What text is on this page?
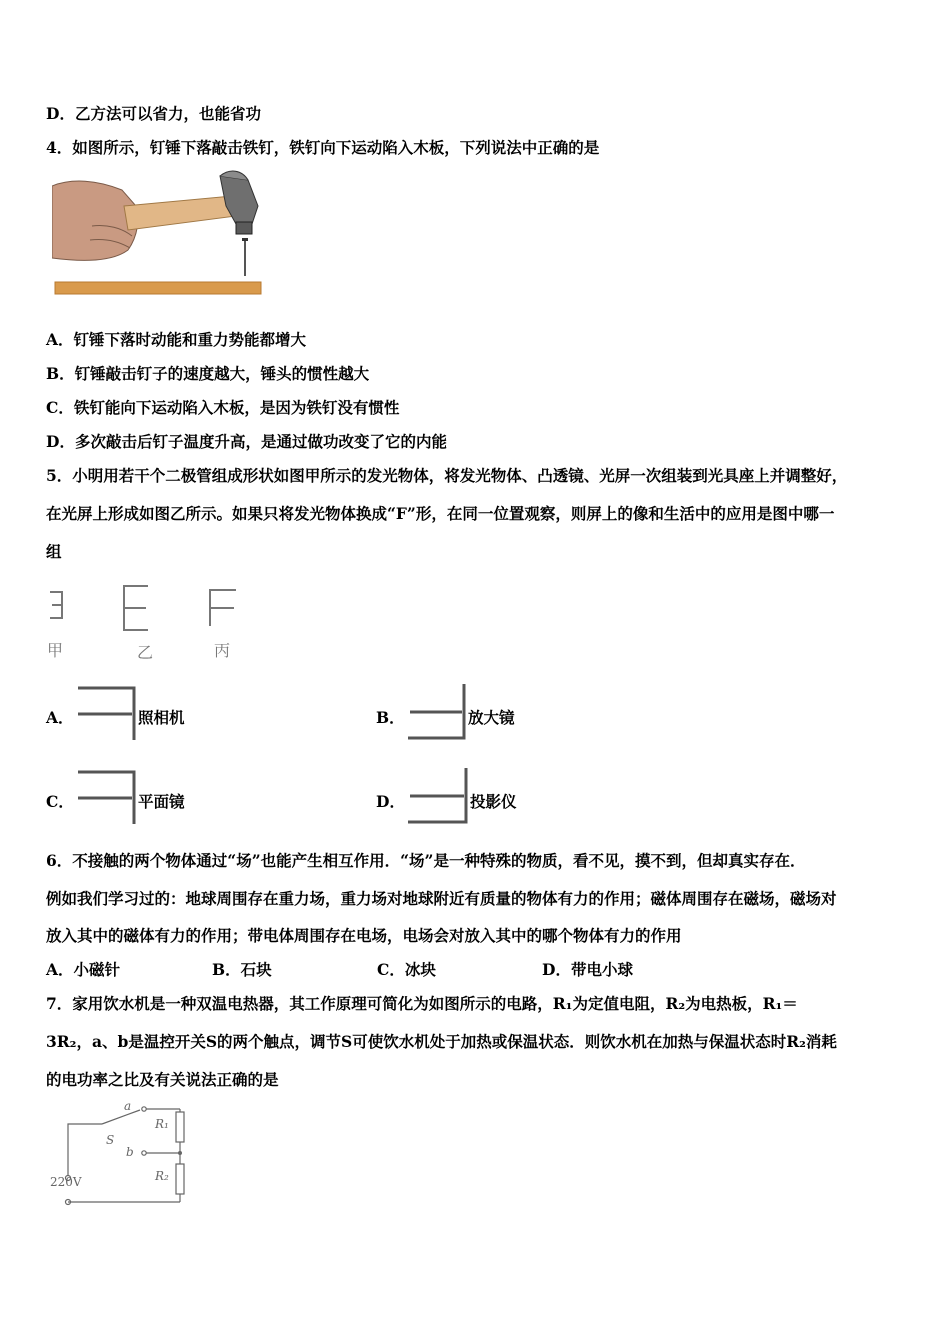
D．乙方法可以省力，也能省功
4．如图所示，钉锤下落敲击铁钉，铁钉向下运动陷入木板，下列说法中正确的是
A．钉锤下落时动能和重力势能都增大
B．钉锤敲击钉子的速度越大，锤头的惯性越大
C．铁钉能向下运动陷入木板，是因为铁钉没有惯性
D．多次敲击后钉子温度升高，是通过做功改变了它的内能
5．小明用若干个二极管组成形状如图甲所示的发光物体，将发光物体、凸透镜、光屏一次组装到光具座上并调整好，
在光屏上形成如图乙所示。如果只将发光物体换成“F”形，在同一位置观察，则屏上的像和生活中的应用是图中哪一
组
甲	乙	丙
A．	照相机	B．	放大镜
C．	平面镜	D．	投影仪
6．不接触的两个物体通过“场”也能产生相互作用．“场”是一种特殊的物质，看不见，摸不到，但却真实存在．
例如我们学习过的：地球周围存在重力场，重力场对地球附近有质量的物体有力的作用；磁体周围存在磁场，磁场对
放入其中的磁体有力的作用；带电体周围存在电场，电场会对放入其中的哪个物体有力的作用
A．小磁针	B．石块	C．冰块	D．带电小球
7．家用饮水机是一种双温电热器，其工作原理可简化为如图所示的电路，R₁为定值电阻，R₂为电热板，R₁＝
3R₂，a、b是温控开关S的两个触点，调节S可使饮水机处于加热或保温状态．则饮水机在加热与保温状态时R₂消耗
的电功率之比及有关说法正确的是
a
S
b
R₁
R₂
220V
